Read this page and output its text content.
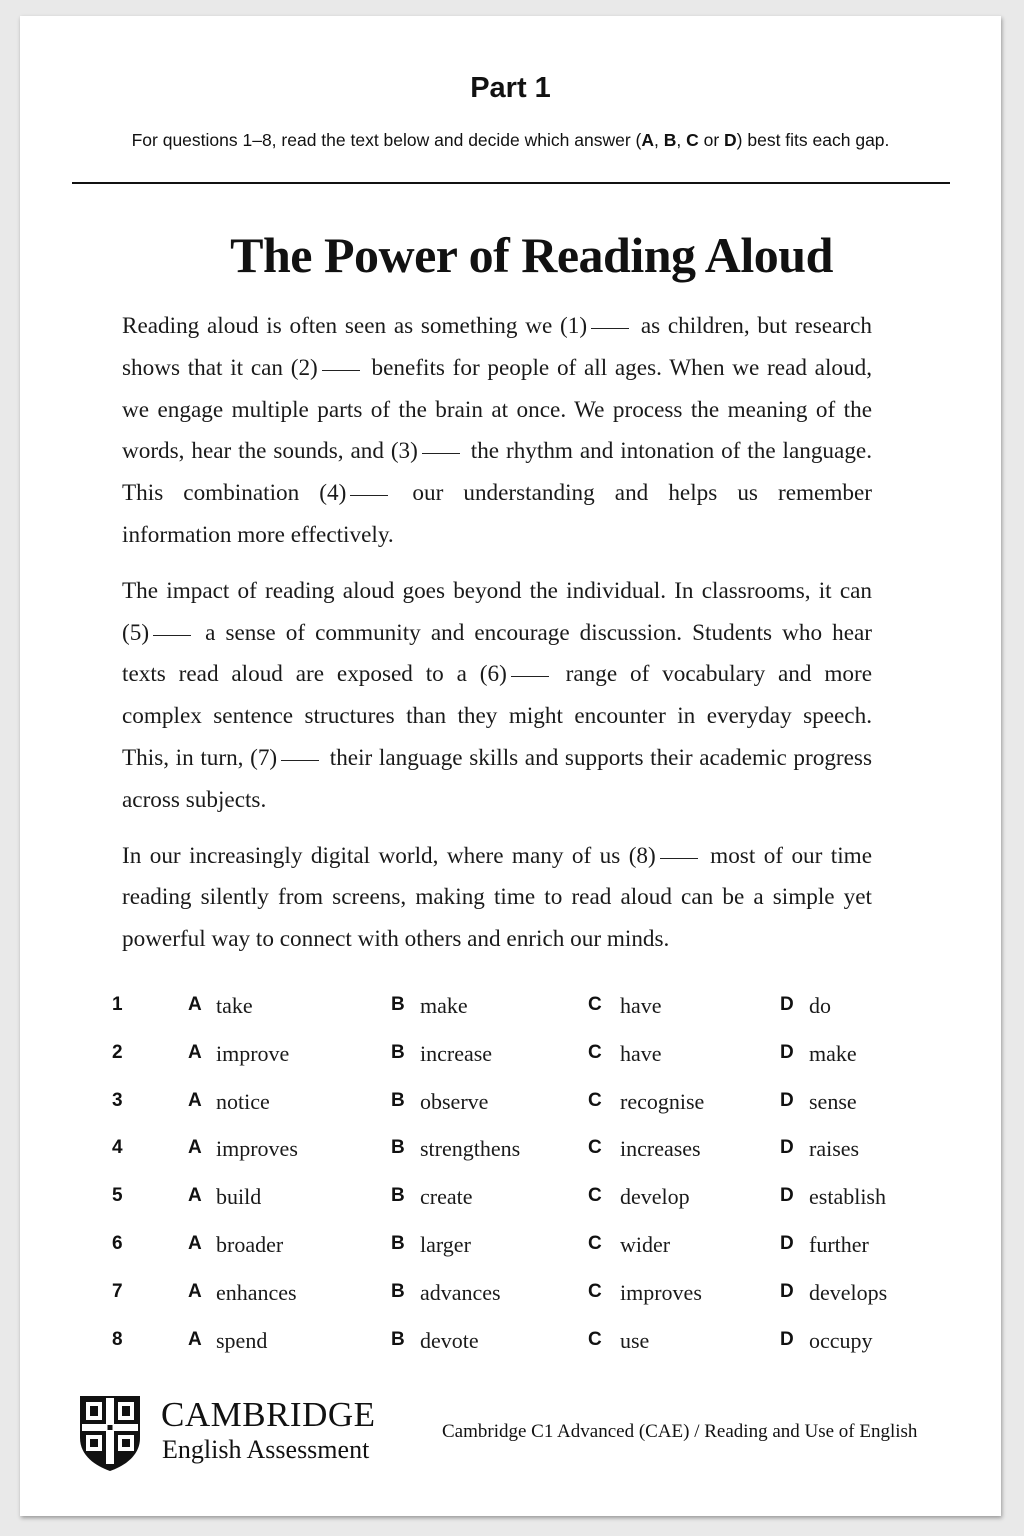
Part 1

For questions 1–8, read the text below and decide which answer (A, B, C or D) best fits each gap.

The Power of Reading Aloud

Reading aloud is often seen as something we (1) as children, but research shows that it can (2) benefits for people of all ages. When we read aloud, we engage multiple parts of the brain at once. We process the meaning of the words, hear the sounds, and (3) the rhythm and intonation of the language. This combination (4) our understanding and helps us remember information more effectively.

The impact of reading aloud goes beyond the individual. In classrooms, it can (5) a sense of community and encourage discussion. Students who hear texts read aloud are exposed to a (6) range of vocabulary and more complex sentence structures than they might encounter in everyday speech. This, in turn, (7) their language skills and supports their academic progress across subjects.

In our increasingly digital world, where many of us (8) most of our time reading silently from screens, making time to read aloud can be a simple yet powerful way to connect with others and enrich our minds.

1	A take	B make	C have	D do
2	A improve	B increase	C have	D make
3	A notice	B observe	C recognise	D sense
4	A improves	B strengthens	C increases	D raises
5	A build	B create	C develop	D establish
6	A broader	B larger	C wider	D further
7	A enhances	B advances	C improves	D develops
8	A spend	B devote	C use	D occupy

CAMBRIDGE

English Assessment

Cambridge C1 Advanced (CAE) / Reading and Use of English
